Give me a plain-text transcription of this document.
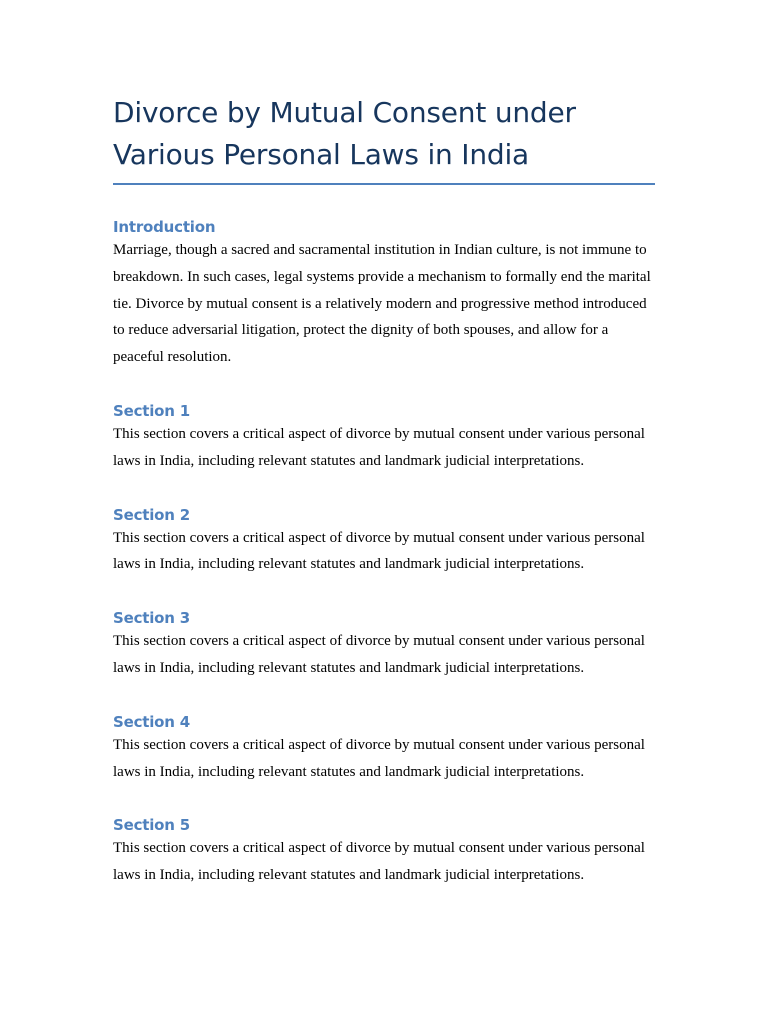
Divorce by Mutual Consent under Various Personal Laws in India
Introduction

Marriage, though a sacred and sacramental institution in Indian culture, is not immune to breakdown. In such cases, legal systems provide a mechanism to formally end the marital tie. Divorce by mutual consent is a relatively modern and progressive method introduced to reduce adversarial litigation, protect the dignity of both spouses, and allow for a peaceful resolution.

Section 1

This section covers a critical aspect of divorce by mutual consent under various personal laws in India, including relevant statutes and landmark judicial interpretations.

Section 2

This section covers a critical aspect of divorce by mutual consent under various personal laws in India, including relevant statutes and landmark judicial interpretations.

Section 3

This section covers a critical aspect of divorce by mutual consent under various personal laws in India, including relevant statutes and landmark judicial interpretations.

Section 4

This section covers a critical aspect of divorce by mutual consent under various personal laws in India, including relevant statutes and landmark judicial interpretations.

Section 5

This section covers a critical aspect of divorce by mutual consent under various personal laws in India, including relevant statutes and landmark judicial interpretations.
